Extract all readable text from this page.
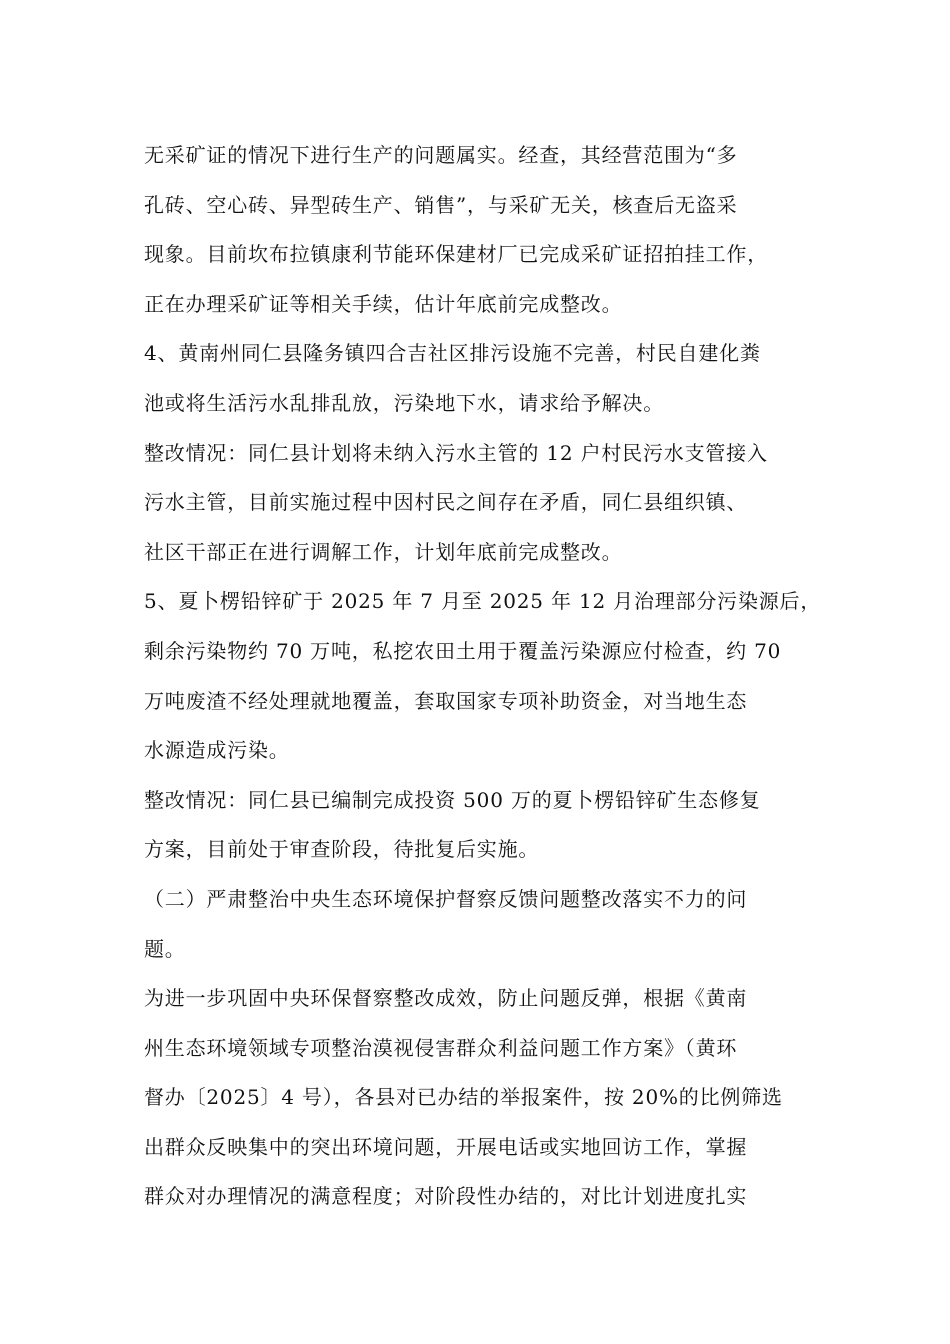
无采矿证的情况下进行生产的问题属实。经查，其经营范围为“多
孔砖、空心砖、异型砖生产、销售”，与采矿无关，核查后无盗采
现象。目前坎布拉镇康利节能环保建材厂已完成采矿证招拍挂工作，
正在办理采矿证等相关手续，估计年底前完成整改。
4、黄南州同仁县隆务镇四合吉社区排污设施不完善，村民自建化粪
池或将生活污水乱排乱放，污染地下水，请求给予解决。
整改情况：同仁县计划将未纳入污水主管的 12 户村民污水支管接入
污水主管，目前实施过程中因村民之间存在矛盾，同仁县组织镇、
社区干部正在进行调解工作，计划年底前完成整改。
5、夏卜楞铅锌矿于 2025 年 7 月至 2025 年 12 月治理部分污染源后，
剩余污染物约 70 万吨，私挖农田土用于覆盖污染源应付检查，约 70
万吨废渣不经处理就地覆盖，套取国家专项补助资金，对当地生态
水源造成污染。
整改情况：同仁县已编制完成投资 500 万的夏卜楞铅锌矿生态修复
方案，目前处于审查阶段，待批复后实施。
（二）严肃整治中央生态环境保护督察反馈问题整改落实不力的问
题。
为进一步巩固中央环保督察整改成效，防止问题反弹，根据《黄南
州生态环境领域专项整治漠视侵害群众利益问题工作方案》（黄环
督办〔2025〕4 号），各县对已办结的举报案件，按 20%的比例筛选
出群众反映集中的突出环境问题，开展电话或实地回访工作，掌握
群众对办理情况的满意程度；对阶段性办结的，对比计划进度扎实
